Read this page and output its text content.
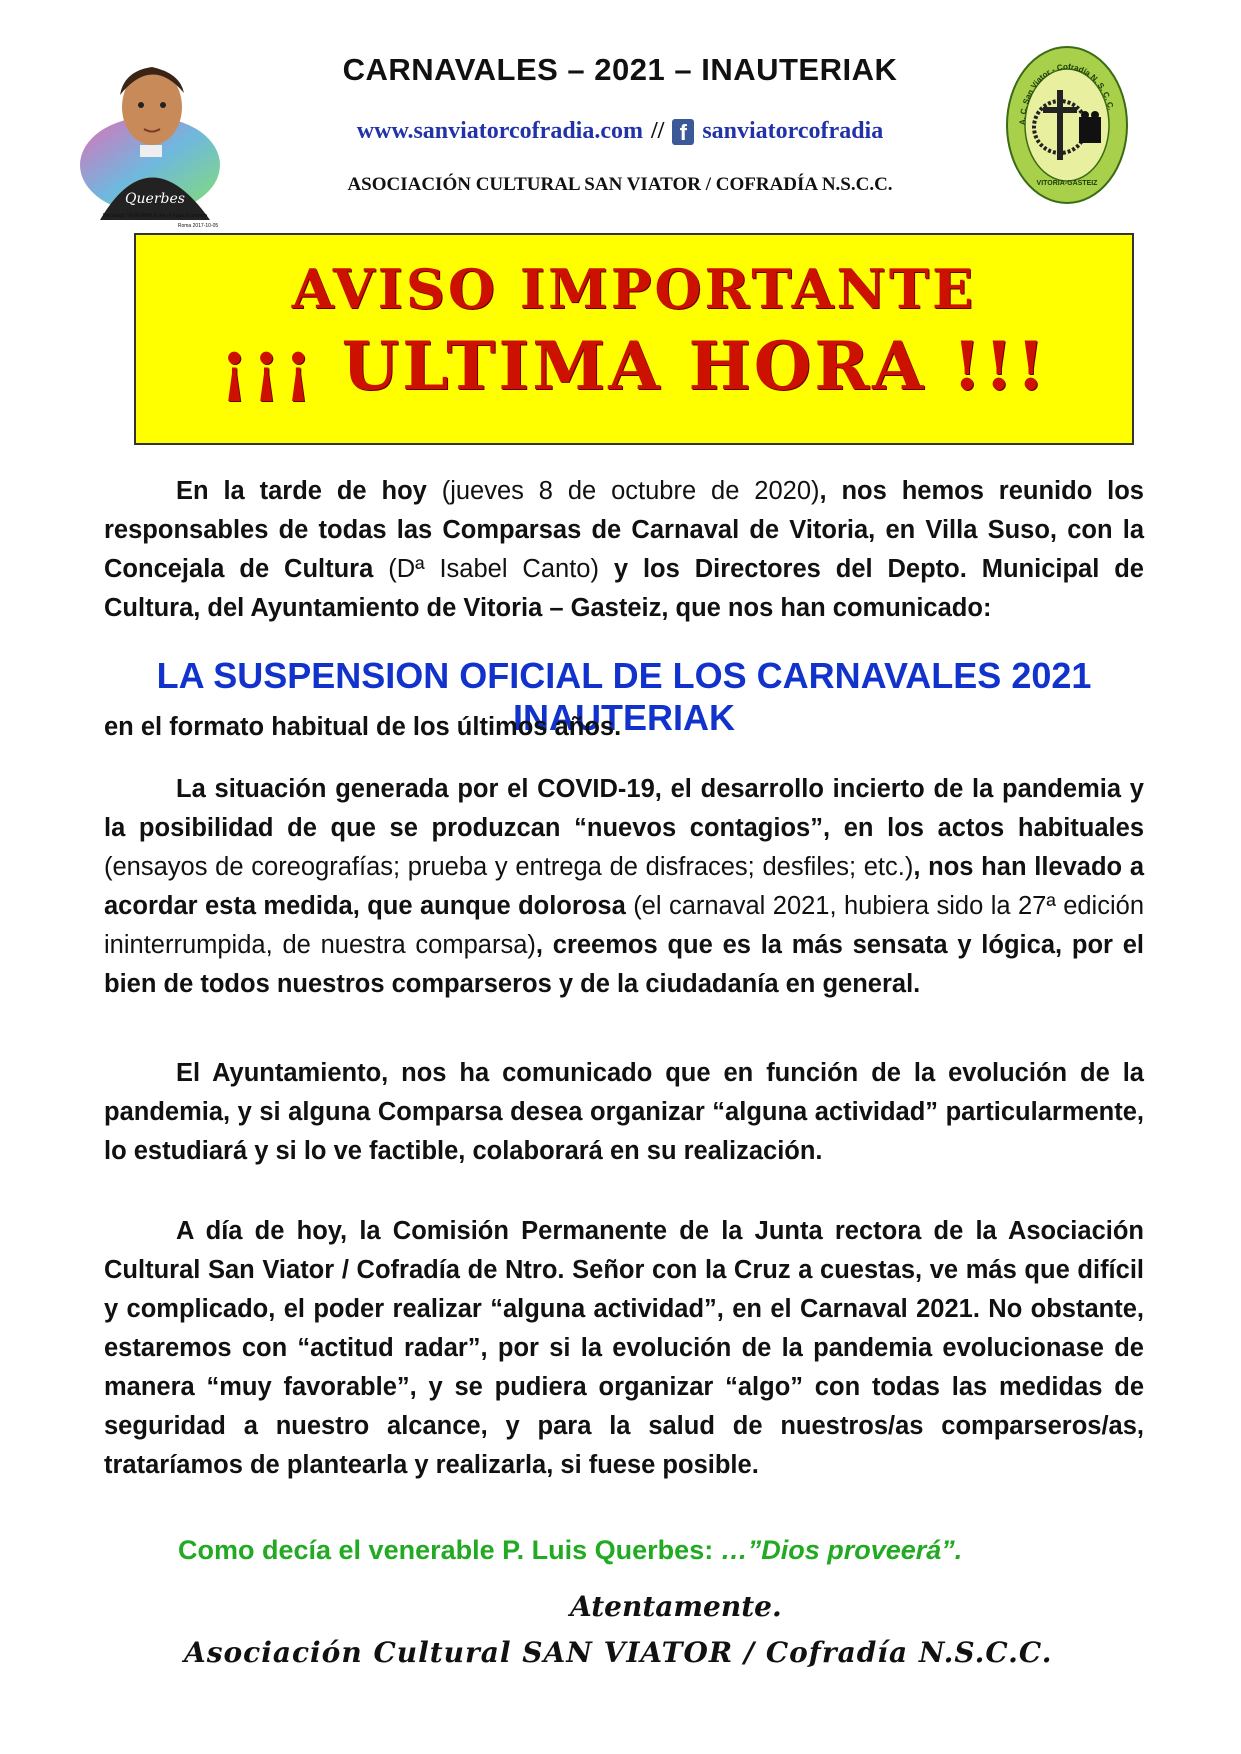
Querbes
Declarado VENERABLE por el Papa Francisco
Roma 2017-10-05
A. C. San Viator - Cofradía N. S. C. C.
VITORIA-GASTEIZ
CARNAVALES – 2021 – INAUTERIAK
www.sanviatorcofradia.com // f sanviatorcofradia
ASOCIACIÓN CULTURAL SAN VIATOR / COFRADÍA N.S.C.C.
AVISO IMPORTANTE
¡¡¡ ULTIMA HORA !!!

En la tarde de hoy (jueves 8 de octubre de 2020), nos hemos reunido los responsables de todas las Comparsas de Carnaval de Vitoria, en Villa Suso, con la Concejala de Cultura (Dª Isabel Canto) y los Directores del Depto. Municipal de Cultura, del Ayuntamiento de Vitoria – Gasteiz, que nos han comunicado:

LA SUSPENSION OFICIAL DE LOS CARNAVALES 2021 INAUTERIAK
en el formato habitual de los últimos años.

La situación generada por el COVID-19, el desarrollo incierto de la pandemia y la posibilidad de que se produzcan “nuevos contagios”, en los actos habituales (ensayos de coreografías; prueba y entrega de disfraces; desfiles; etc.), nos han llevado a acordar esta medida, que aunque dolorosa (el carnaval 2021, hubiera sido la 27ª edición ininterrumpida, de nuestra comparsa), creemos que es la más sensata y lógica, por el bien de todos nuestros comparseros y de la ciudadanía en general.

El Ayuntamiento, nos ha comunicado que en función de la evolución de la pandemia, y si alguna Comparsa desea organizar “alguna actividad” particularmente, lo estudiará y si lo ve factible, colaborará en su realización.

A día de hoy, la Comisión Permanente de la Junta rectora de la Asociación Cultural San Viator / Cofradía de Ntro. Señor con la Cruz a cuestas, ve más que difícil y complicado, el poder realizar “alguna actividad”, en el Carnaval 2021. No obstante, estaremos con “actitud radar”, por si la evolución de la pandemia evolucionase de manera “muy favorable”, y se pudiera organizar “algo” con todas las medidas de seguridad a nuestro alcance, y para la salud de nuestros/as comparseros/as, trataríamos de plantearla y realizarla, si fuese posible.

Como decía el venerable P. Luis Querbes: …”Dios proveerá”.
Atentamente.
Asociación Cultural SAN VIATOR / Cofradía N.S.C.C.
